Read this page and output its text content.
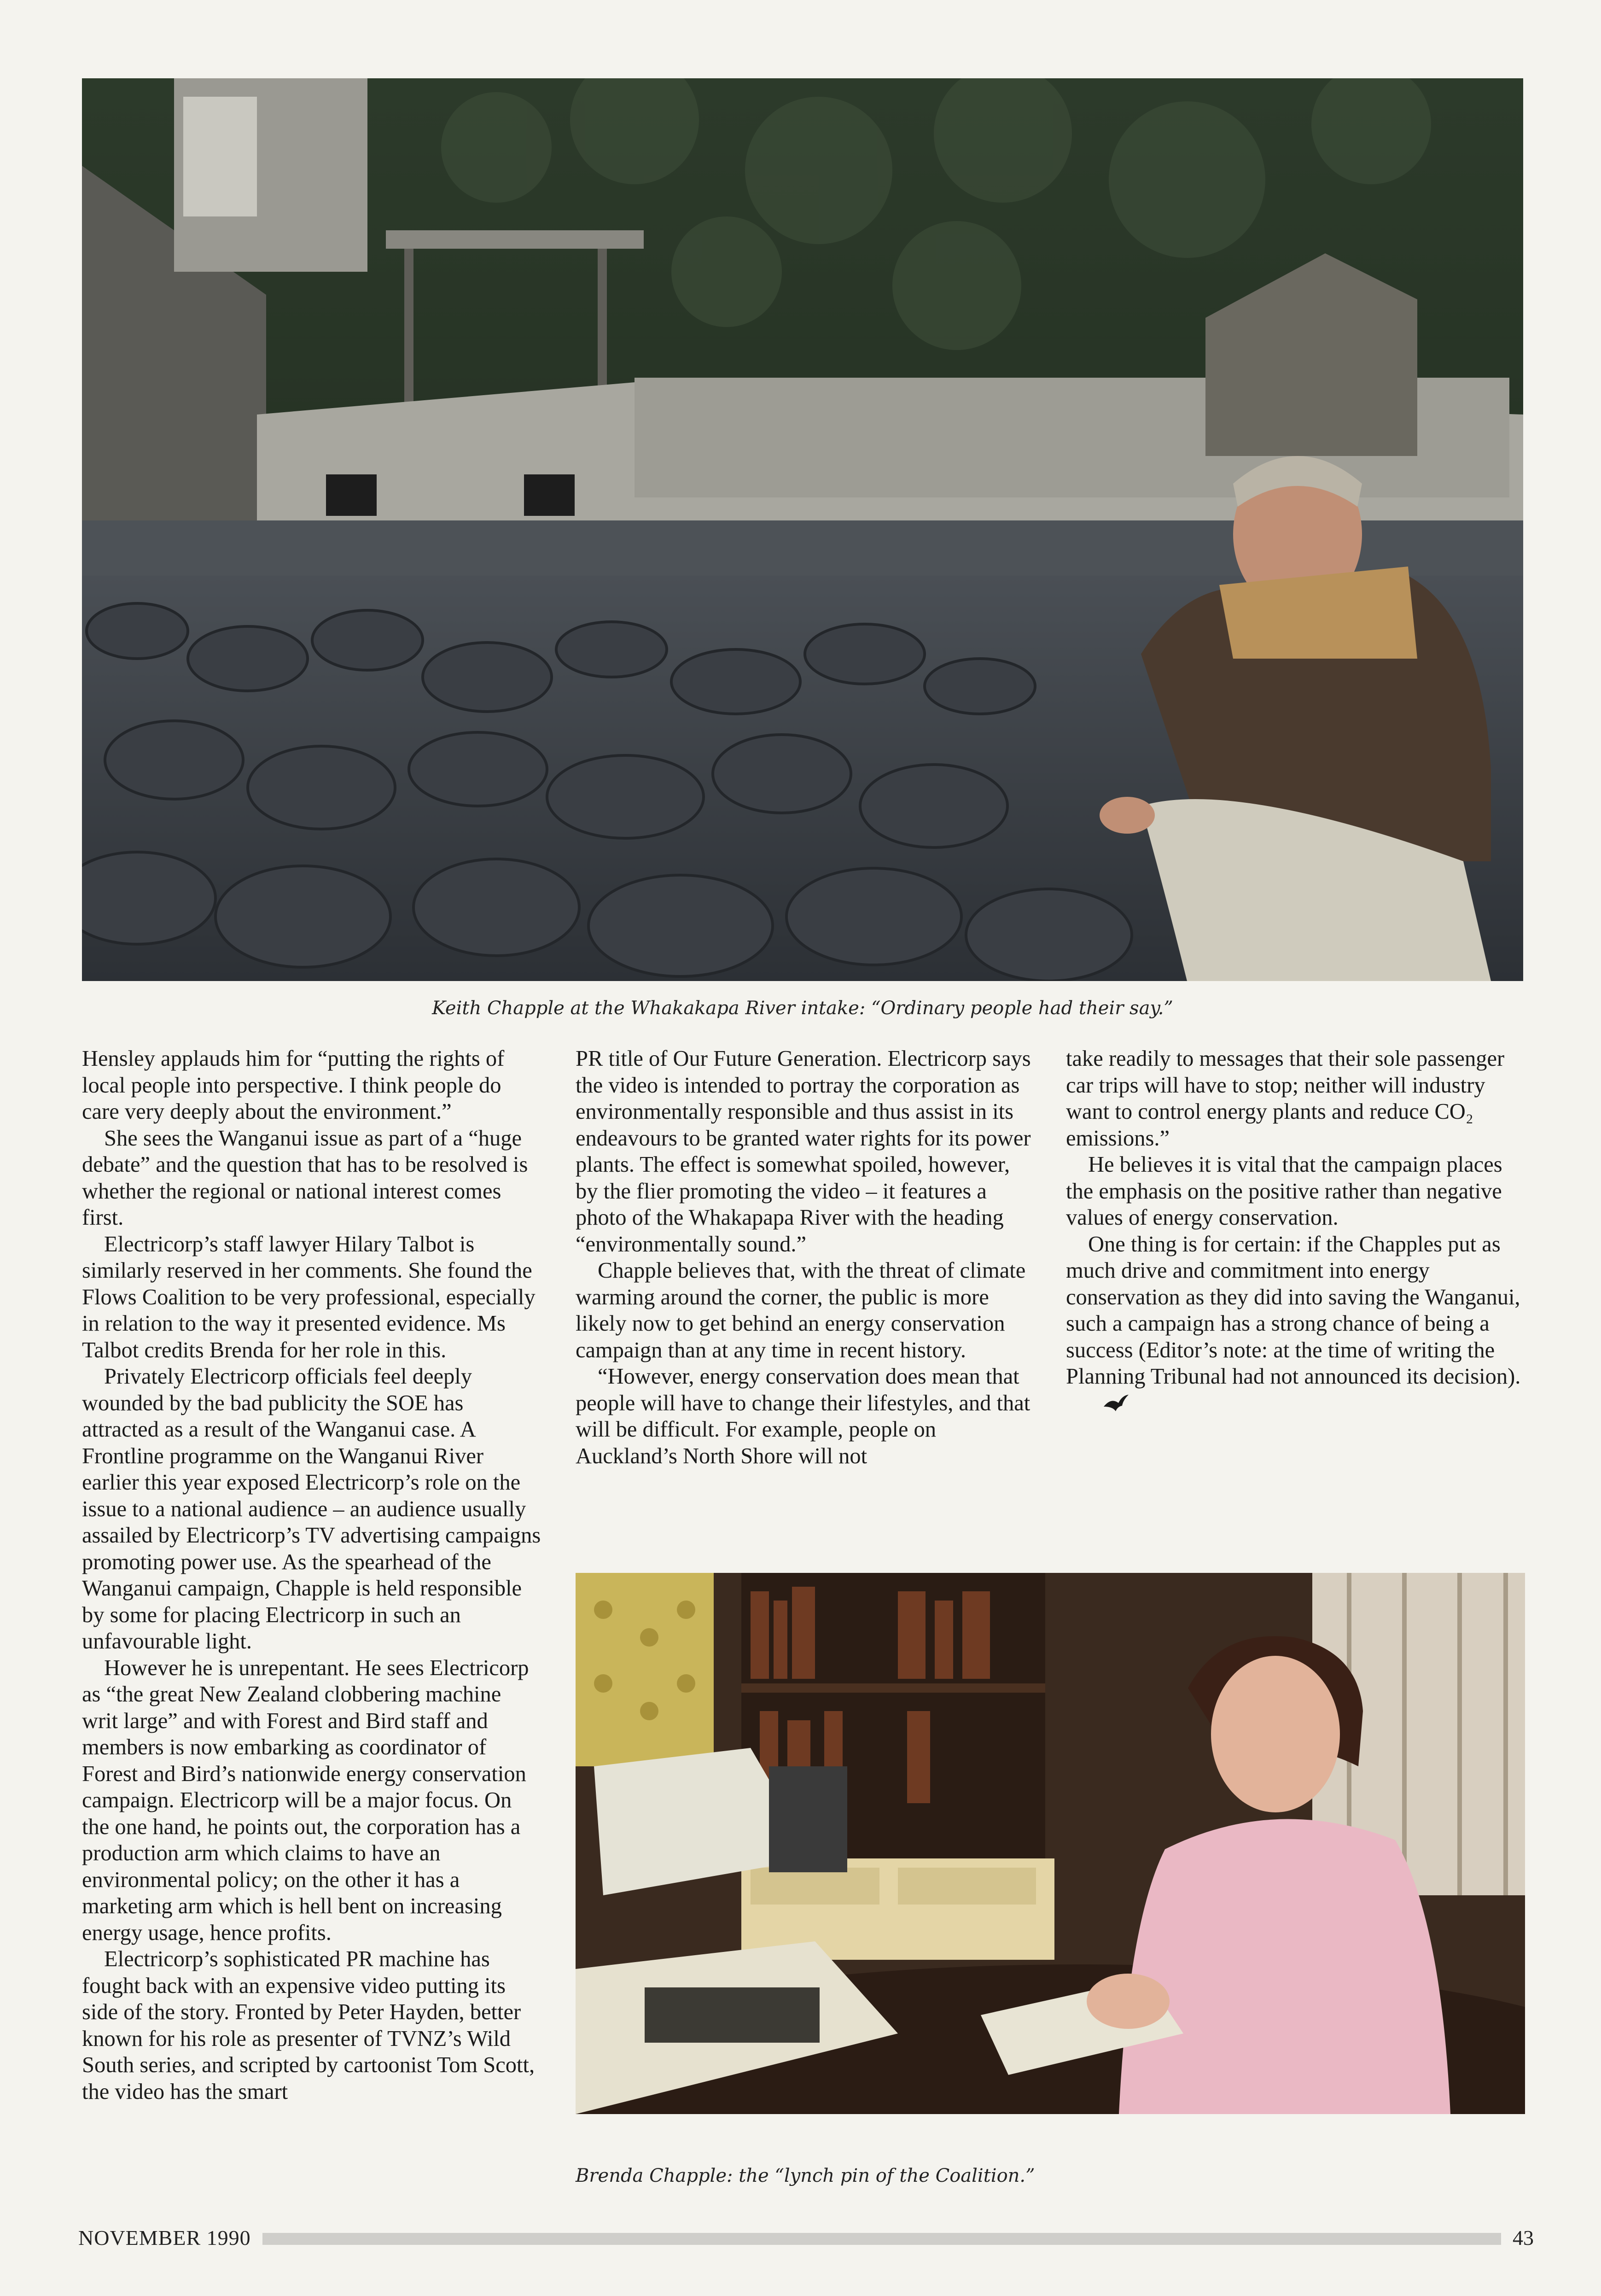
Keith Chapple at the Whakakapa River intake: “Ordinary people had their say.”

Hensley applauds him for “putting the rights of local people into perspective. I think people do care very deeply about the environment.”

She sees the Wanganui issue as part of a “huge debate” and the question that has to be resolved is whether the regional or national interest comes first.

Electricorp’s staff lawyer Hilary Talbot is similarly reserved in her comments. She found the Flows Coalition to be very professional, especially in relation to the way it presented evidence. Ms Talbot credits Brenda for her role in this.

Privately Electricorp officials feel deeply wounded by the bad publicity the SOE has attracted as a result of the Wanganui case. A Frontline programme on the Wanganui River earlier this year exposed Electricorp’s role on the issue to a national audience – an audience usually assailed by Electricorp’s TV advertising campaigns promoting power use. As the spearhead of the Wanganui campaign, Chapple is held responsible by some for placing Electricorp in such an unfavourable light.

However he is unrepentant. He sees Electricorp as “the great New Zealand clobbering machine writ large” and with Forest and Bird staff and members is now embarking as coordinator of Forest and Bird’s nationwide energy conservation campaign. Electricorp will be a major focus. On the one hand, he points out, the corporation has a production arm which claims to have an environmental policy; on the other it has a marketing arm which is hell bent on increasing energy usage, hence profits.

Electricorp’s sophisticated PR machine has fought back with an expensive video putting its side of the story. Fronted by Peter Hayden, better known for his role as presenter of TVNZ’s Wild South series, and scripted by cartoonist Tom Scott, the video has the smart

PR title of Our Future Generation. Electricorp says the video is intended to portray the corporation as environmentally responsible and thus assist in its endeavours to be granted water rights for its power plants. The effect is somewhat spoiled, however, by the flier promoting the video – it features a photo of the Whakapapa River with the heading “environmentally sound.”

Chapple believes that, with the threat of climate warming around the corner, the public is more likely now to get behind an energy conservation campaign than at any time in recent history.

“However, energy conservation does mean that people will have to change their lifestyles, and that will be difficult. For example, people on Auckland’s North Shore will not

take readily to messages that their sole passenger car trips will have to stop; neither will industry want to control energy plants and reduce CO₂ emissions.”

He believes it is vital that the campaign places the emphasis on the positive rather than negative values of energy conservation.

One thing is for certain: if the Chapples put as much drive and commitment into energy conservation as they did into saving the Wanganui, such a campaign has a strong chance of being a success (Editor’s note: at the time of writing the Planning Tribunal had not announced its decision).

Brenda Chapple: the “lynch pin of the Coalition.”
NOVEMBER 1990	43
